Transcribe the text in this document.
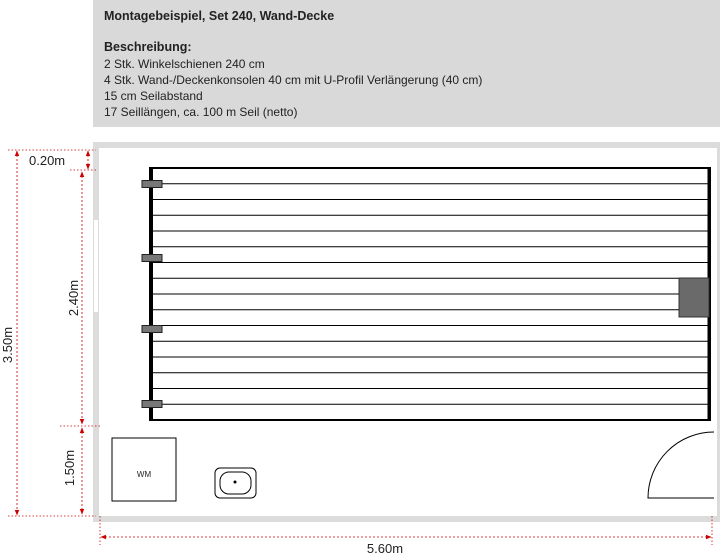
Montagebeispiel, Set 240, Wand-Decke
Beschreibung:
2 Stk. Winkelschienen 240 cm
4 Stk. Wand-/Deckenkonsolen 40 cm mit U-Profil Verlängerung (40 cm)
15 cm Seilabstand
17 Seillängen, ca. 100 m Seil (netto)
WM
0.20m
2.40m
3.50m
1.50m
5.60m
